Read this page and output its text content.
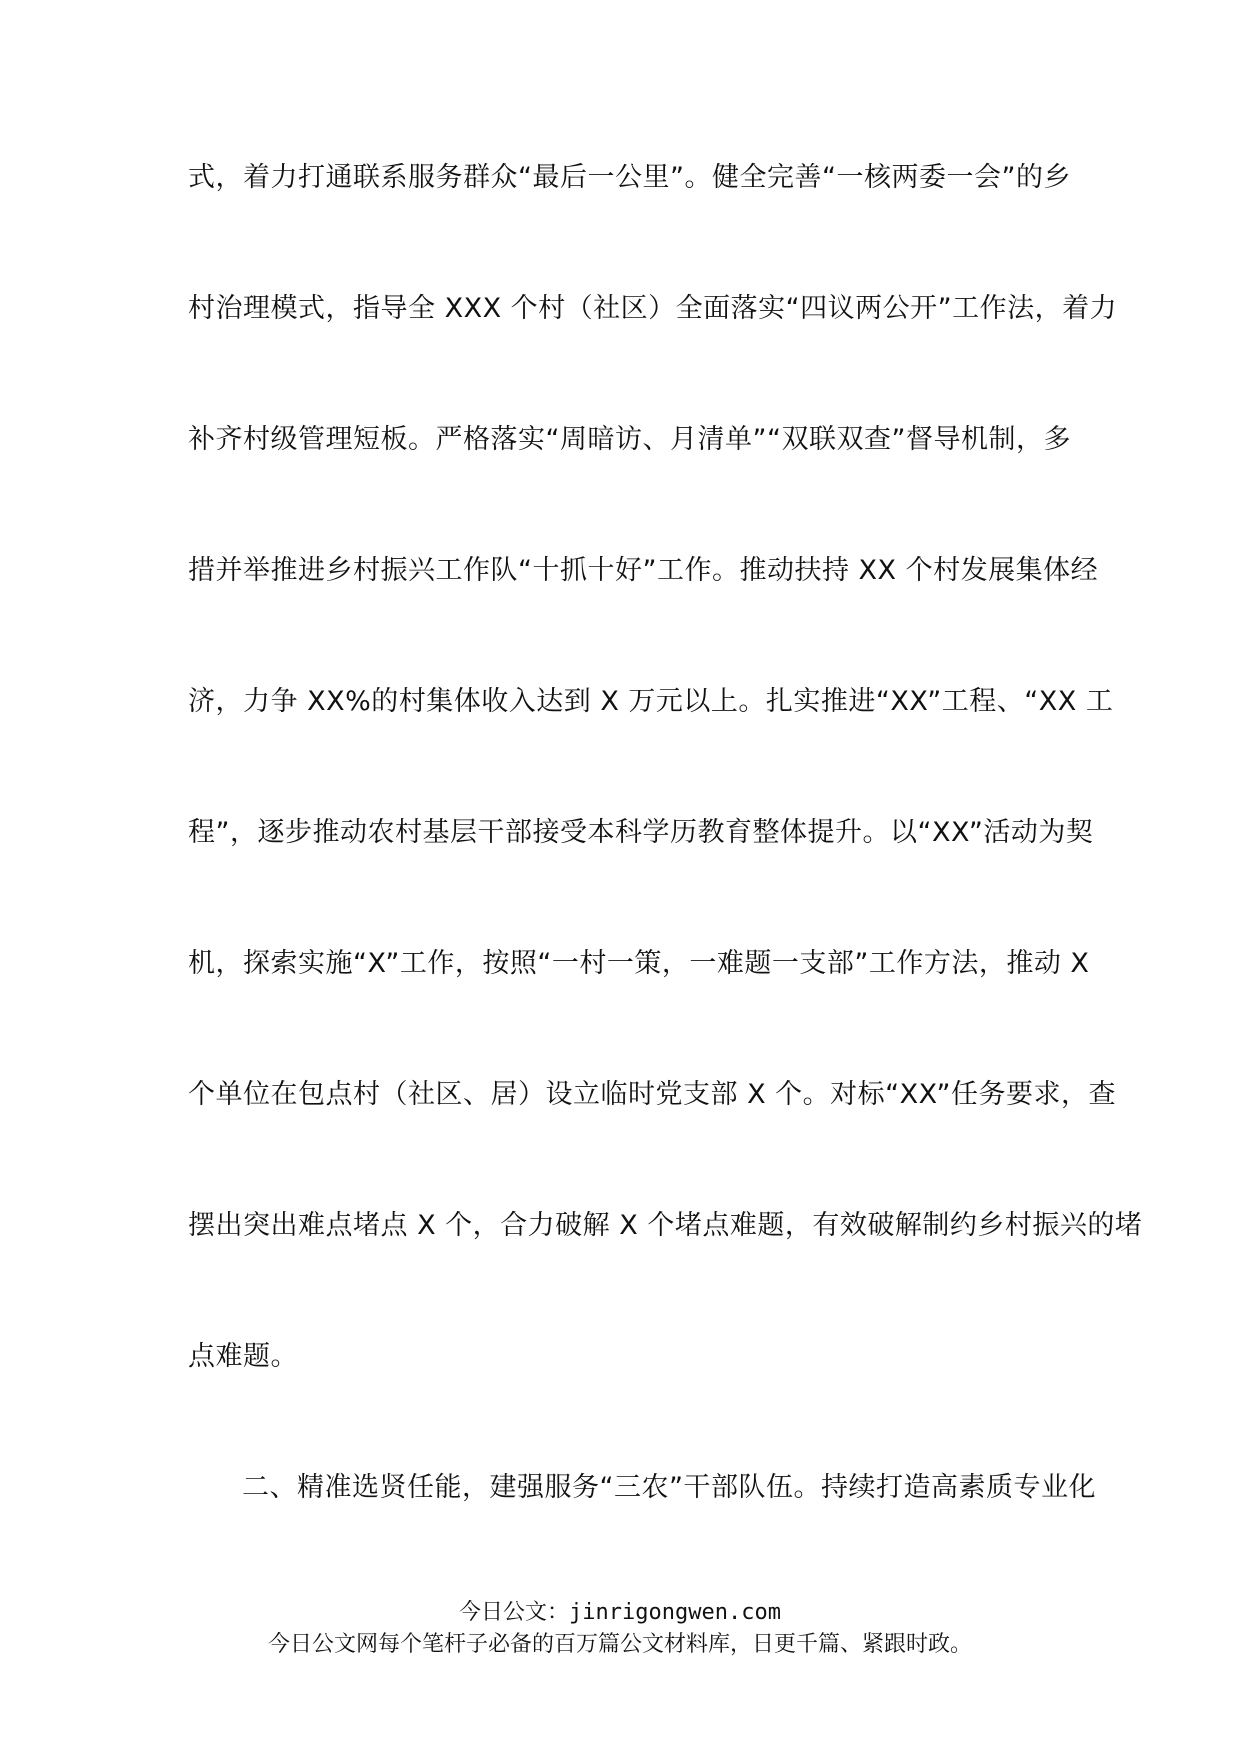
式，着力打通联系服务群众“最后一公里”。健全完善“一核两委一会”的乡
村治理模式，指导全 XXX 个村（社区）全面落实“四议两公开”工作法，着力
补齐村级管理短板。严格落实“周暗访、月清单”“双联双查”督导机制，多
措并举推进乡村振兴工作队“十抓十好”工作。推动扶持 XX 个村发展集体经
济，力争 XX%的村集体收入达到 X 万元以上。扎实推进“XX”工程、“XX 工
程”，逐步推动农村基层干部接受本科学历教育整体提升。以“XX”活动为契
机，探索实施“X”工作，按照“一村一策，一难题一支部”工作方法，推动 X
个单位在包点村（社区、居）设立临时党支部 X 个。对标“XX”任务要求，查
摆出突出难点堵点 X 个，合力破解 X 个堵点难题，有效破解制约乡村振兴的堵
点难题。
二、精准选贤任能，建强服务“三农”干部队伍。持续打造高素质专业化
今日公文：jinrigongwen.com
今日公文网每个笔杆子必备的百万篇公文材料库，日更千篇、紧跟时政。
